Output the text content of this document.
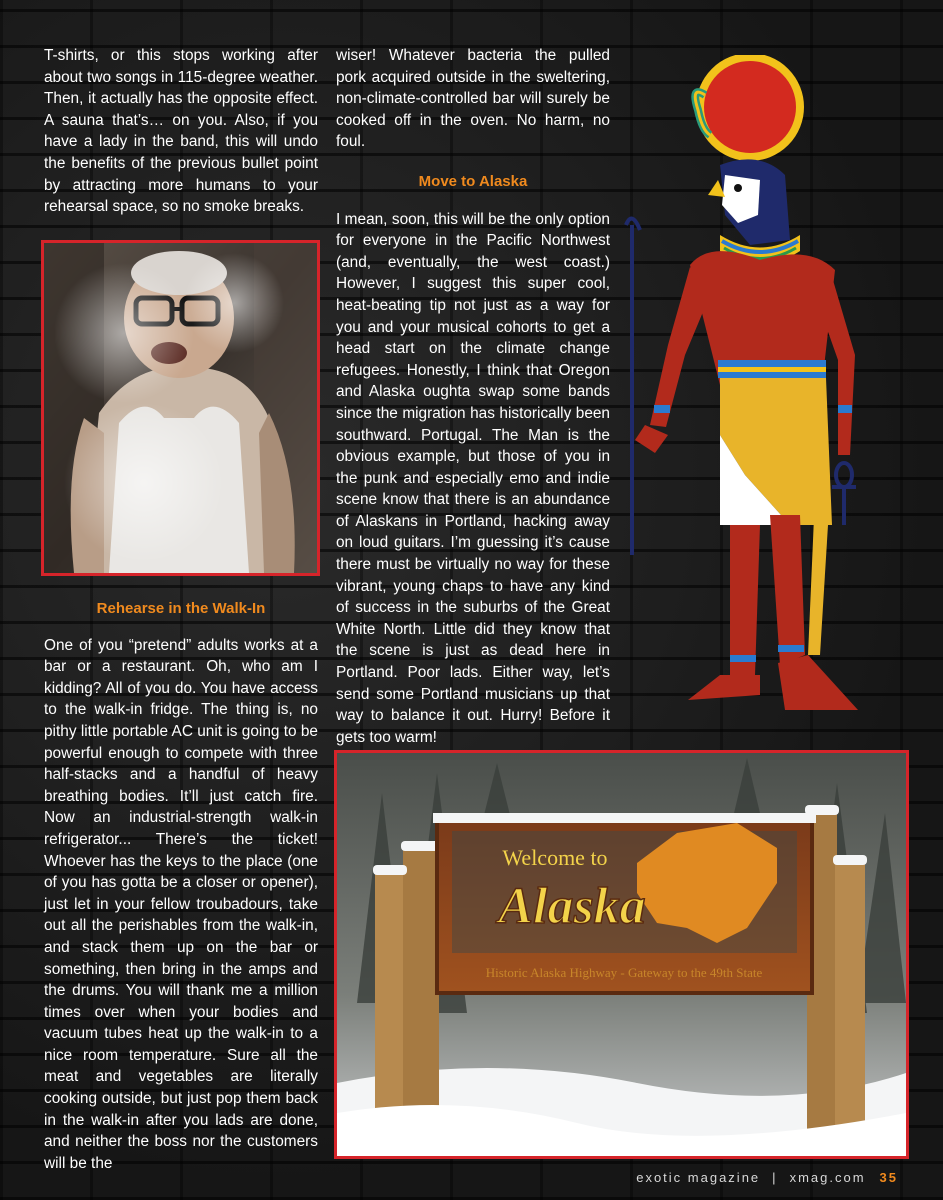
T-shirts, or this stops working after about two songs in 115-degree weather. Then, it actually has the opposite effect. A sauna that’s… on you. Also, if you have a lady in the band, this will undo the benefits of the previous bullet point by attracting more humans to your rehearsal space, so no smoke breaks.

Rehearse in the Walk-In

One of you “pretend” adults works at a bar or a restaurant. Oh, who am I kidding? All of you do. You have access to the walk-in fridge. The thing is, no pithy little portable AC unit is going to be powerful enough to compete with three half-stacks and a handful of heavy breathing bodies. It’ll just catch fire. Now an industrial-strength walk-in refrigerator... There’s the ticket! Whoever has the keys to the place (one of you has gotta be a closer or opener), just let in your fellow troubadours, take out all the perishables from the walk-in, and stack them up on the bar or something, then bring in the amps and the drums. You will thank me a million times over when your bodies and vacuum tubes heat up the walk-in to a nice room temperature. Sure all the meat and vegetables are literally cooking outside, but just pop them back in the walk-in after you lads are done, and neither the boss nor the customers will be the

wiser! Whatever bacteria the pulled pork acquired outside in the sweltering, non-climate-controlled bar will surely be cooked off in the oven. No harm, no foul.

Move to Alaska

I mean, soon, this will be the only option for everyone in the Pacific Northwest (and, eventually, the west coast.) However, I suggest this super cool, heat-beating tip not just as a way for you and your musical cohorts to get a head start on the climate change refugees. Honestly, I think that Oregon and Alaska oughta swap some bands since the migration has historically been southward. Portugal. The Man is the obvious example, but those of you in the punk and especially emo and indie scene know that there is an abundance of Alaskans in Portland, hacking away on loud guitars. I’m guessing it’s cause there must be virtually no way for these vibrant, young chaps to have any kind of success in the suburbs of the Great White North. Little did they know that the scene is just as dead here in Portland. Poor lads. Either way, let’s send some Portland musicians up that way to balance it out. Hurry! Before it gets too warm!

Welcome to
Alaska
Historic Alaska Highway - Gateway to the 49th State
exotic magazine | xmag.com 35
